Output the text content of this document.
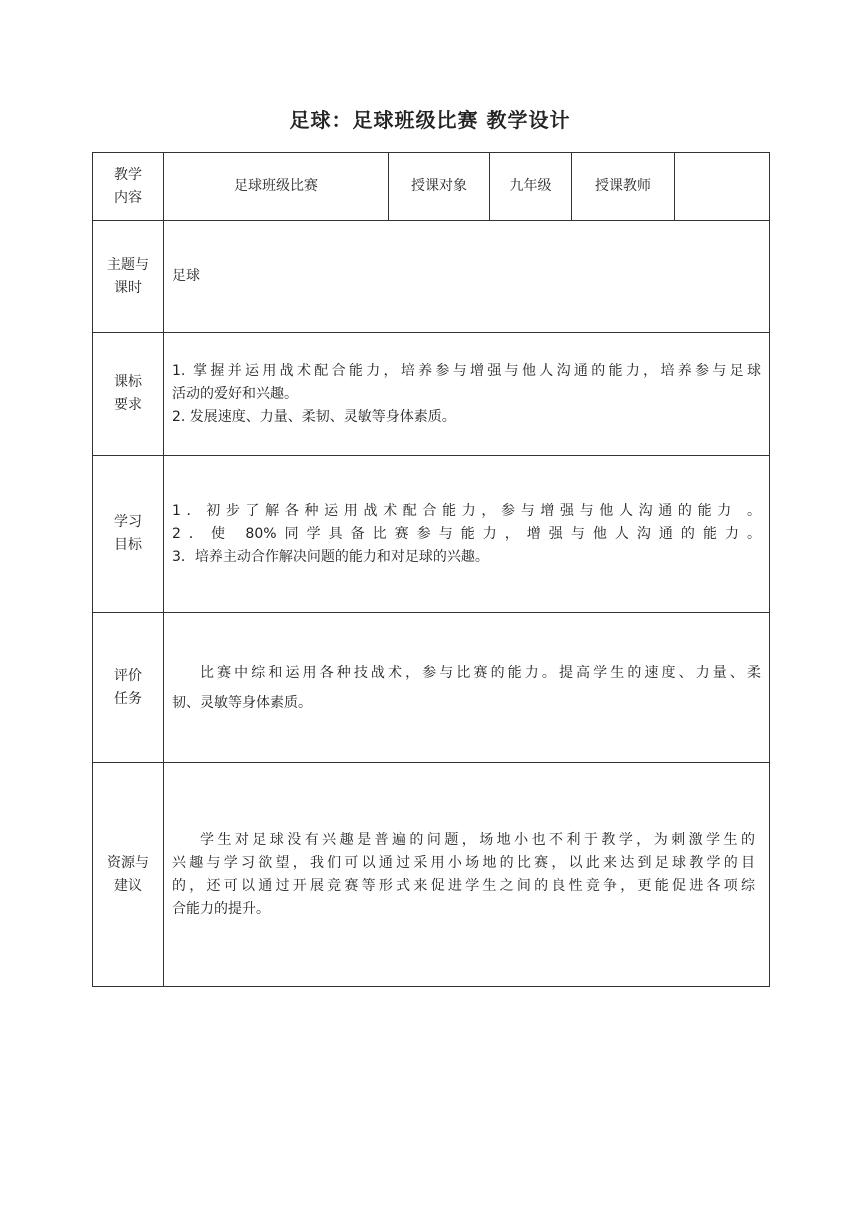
足球：足球班级比赛 教学设计
教学
内容	足球班级比赛	授课对象	九年级	授课教师	

主题与
课时	足球				

课标
要求	1. 掌握并运用战术配合能力，培养参与增强与他人沟通的能力，培养参与足球
活动的爱好和兴趣。
2. 发展速度、力量、柔韧、灵敏等身体素质。				

学习
目标	1．初步了解各种运用战术配合能力，参与增强与他人沟通的能力 。
2．使 80%同学具备比赛参与能力，增强与他人沟通的能力。
3．培养主动合作解决问题的能力和对足球的兴趣。				

评价
任务	比赛中综和运用各种技战术，参与比赛的能力。提高学生的速度、力量、柔
韧、灵敏等身体素质。				

资源与
建议	学生对足球没有兴趣是普遍的问题，场地小也不利于教学，为刺激学生的
兴趣与学习欲望，我们可以通过采用小场地的比赛，以此来达到足球教学的目
的，还可以通过开展竞赛等形式来促进学生之间的良性竞争，更能促进各项综
合能力的提升。				
